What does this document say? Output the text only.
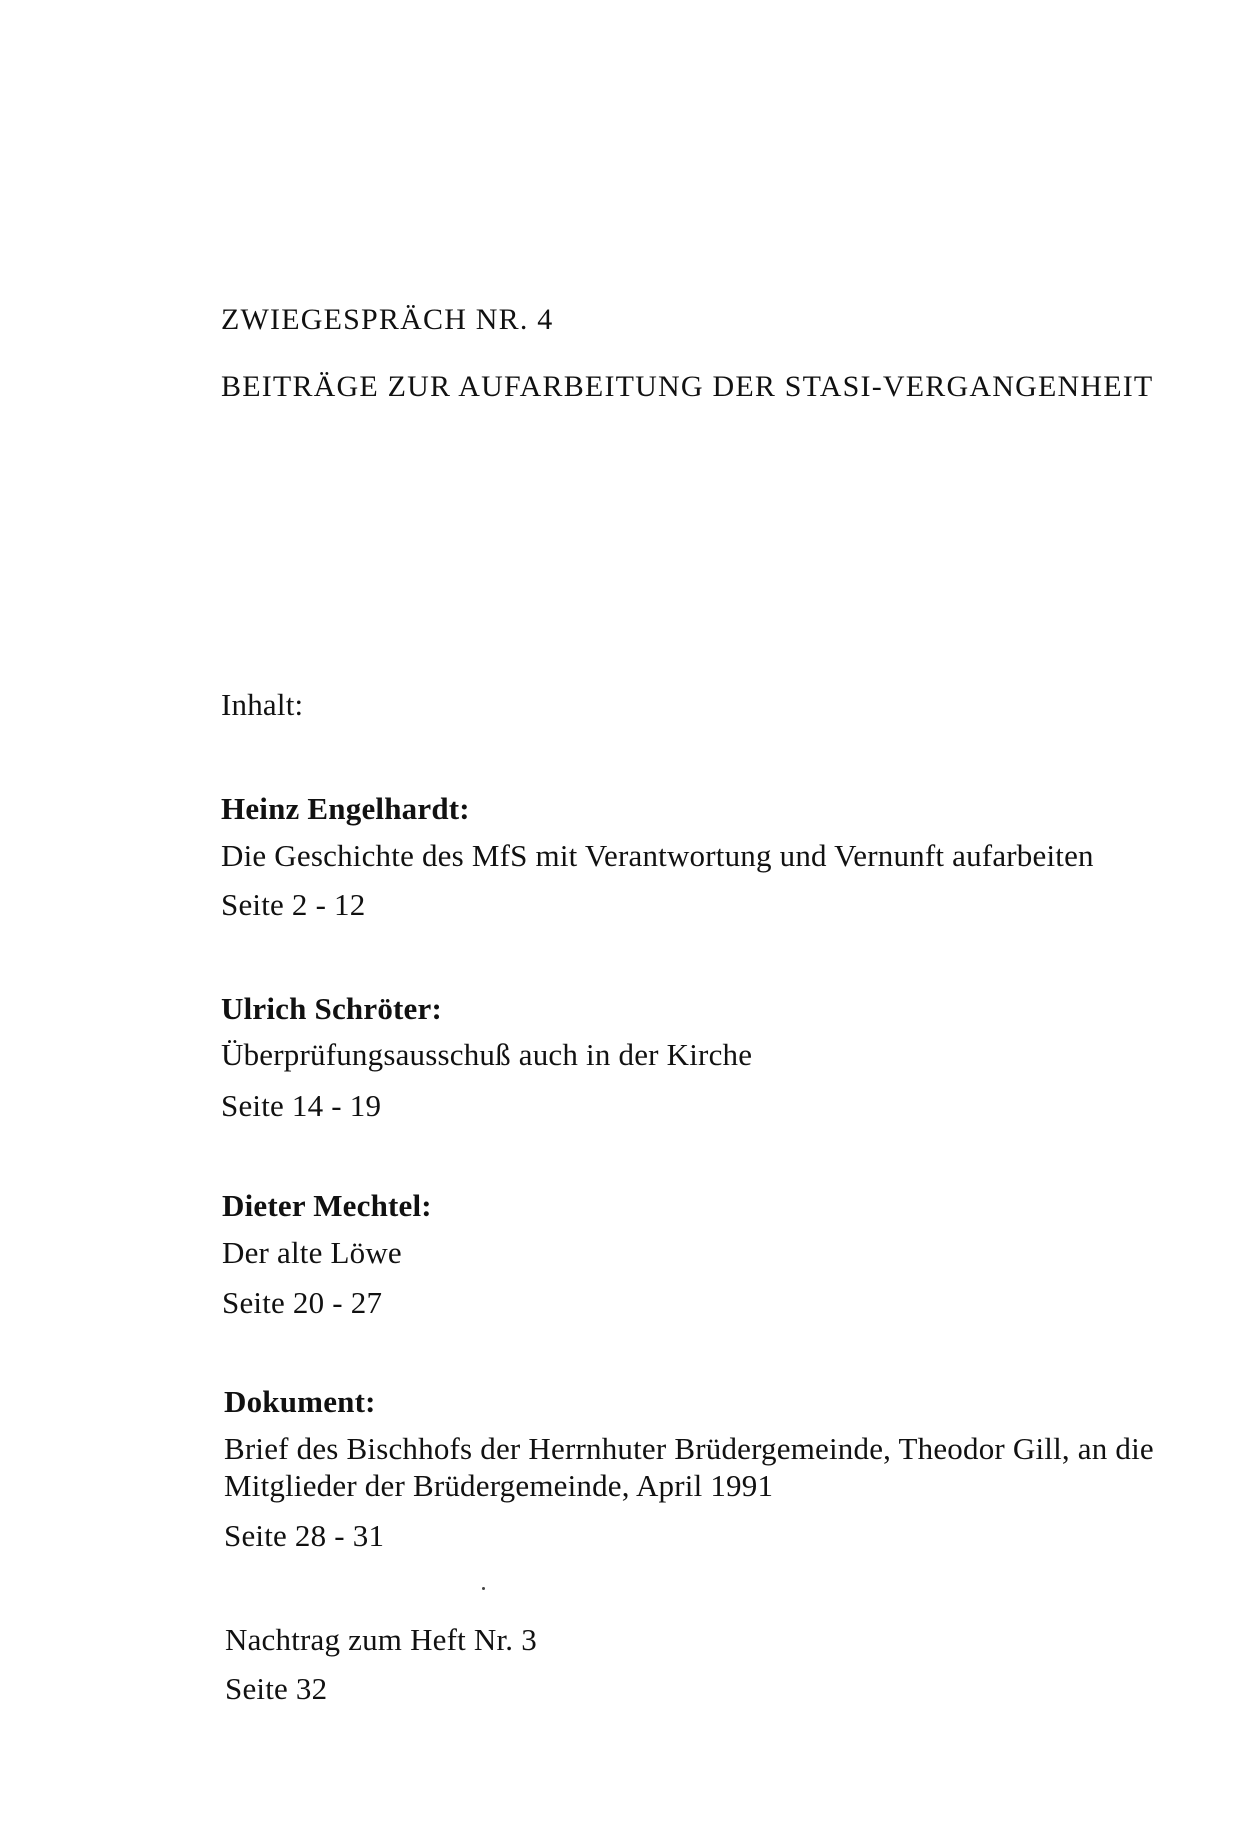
ZWIEGESPRÄCH NR. 4
BEITRÄGE ZUR AUFARBEITUNG DER STASI-VERGANGENHEIT
Inhalt:
Heinz Engelhardt:
Die Geschichte des MfS mit Verantwortung und Vernunft aufarbeiten
Seite 2 - 12
Ulrich Schröter:
Überprüfungsausschuß auch in der Kirche
Seite 14 - 19
Dieter Mechtel:
Der alte Löwe
Seite 20 - 27
Dokument:
Brief des Bischhofs der Herrnhuter Brüdergemeinde, Theodor Gill, an die
Mitglieder der Brüdergemeinde, April 1991
Seite 28 - 31
Nachtrag zum Heft Nr. 3
Seite 32
